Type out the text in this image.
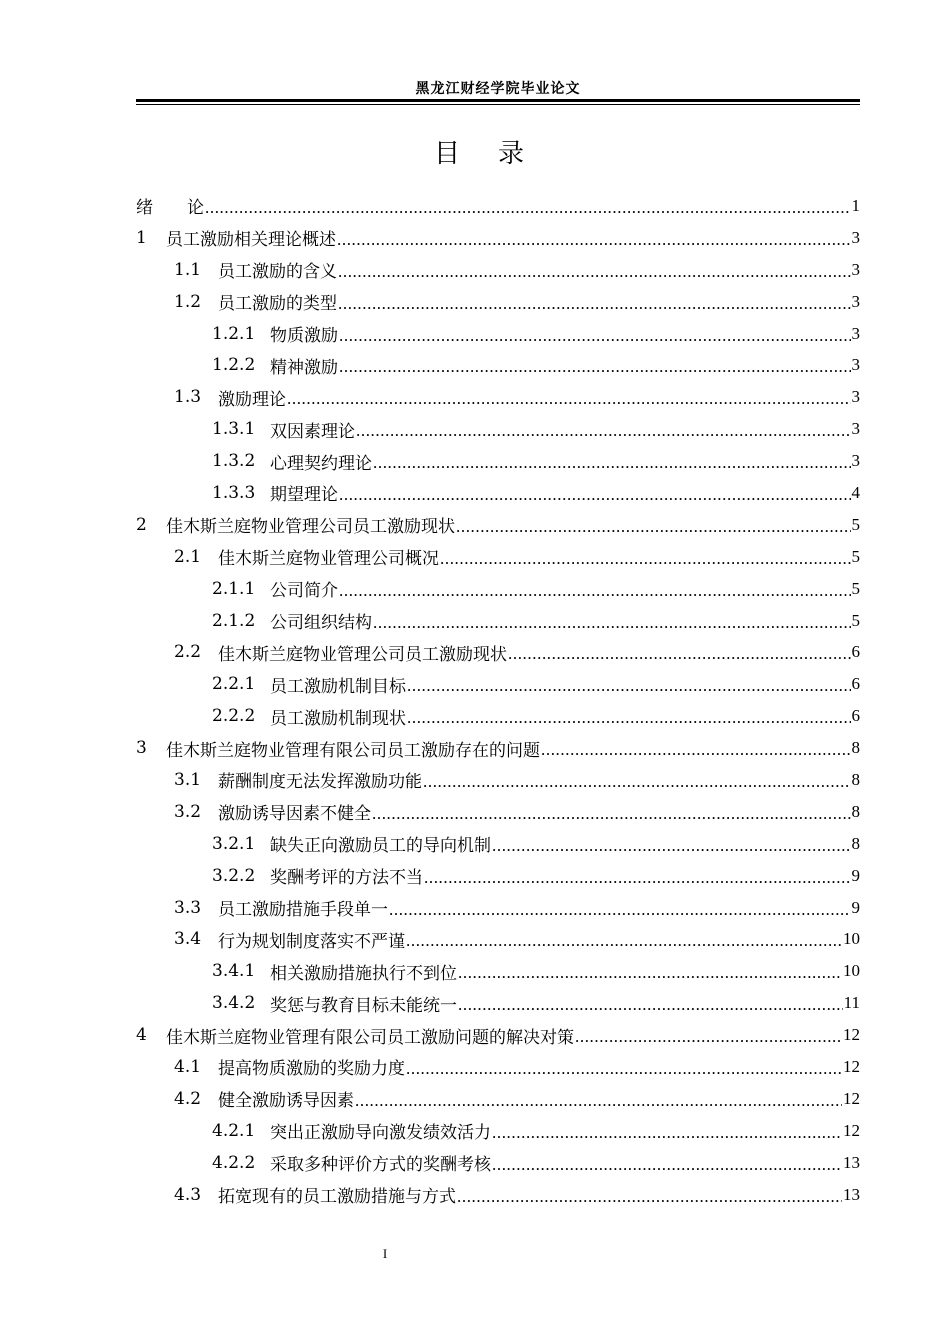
黑龙江财经学院毕业论文
目录
绪　　论 .....	1
1	员工激励相关理论概述 .....	3
1.1 员工激励的含义 .....	3
1.2 员工激励的类型 .....	3
1.2.1 物质激励 .....	3
1.2.2 精神激励 .....	3
1.3 激励理论 .....	3
1.3.1 双因素理论 .....	3
1.3.2 心理契约理论 .....	3
1.3.3 期望理论 .....	4
2	佳木斯兰庭物业管理公司员工激励现状 .....	5
2.1 佳木斯兰庭物业管理公司概况 .....	5
2.1.1 公司简介 .....	5
2.1.2 公司组织结构 .....	5
2.2 佳木斯兰庭物业管理公司员工激励现状 .....	6
2.2.1 员工激励机制目标 .....	6
2.2.2 员工激励机制现状 .....	6
3	佳木斯兰庭物业管理有限公司员工激励存在的问题 .....	8
3.1 薪酬制度无法发挥激励功能 .....	8
3.2 激励诱导因素不健全 .....	8
3.2.1 缺失正向激励员工的导向机制 .....	8
3.2.2 奖酬考评的方法不当 .....	9
3.3 员工激励措施手段单一 .....	9
3.4 行为规划制度落实不严谨 .....	10
3.4.1 相关激励措施执行不到位 .....	10
3.4.2 奖惩与教育目标未能统一 .....	11
4	佳木斯兰庭物业管理有限公司员工激励问题的解决对策 .....	12
4.1 提高物质激励的奖励力度 .....	12
4.2 健全激励诱导因素 .....	12
4.2.1 突出正激励导向激发绩效活力 .....	12
4.2.2 采取多种评价方式的奖酬考核 .....	13
4.3 拓宽现有的员工激励措施与方式 .....	13
I
